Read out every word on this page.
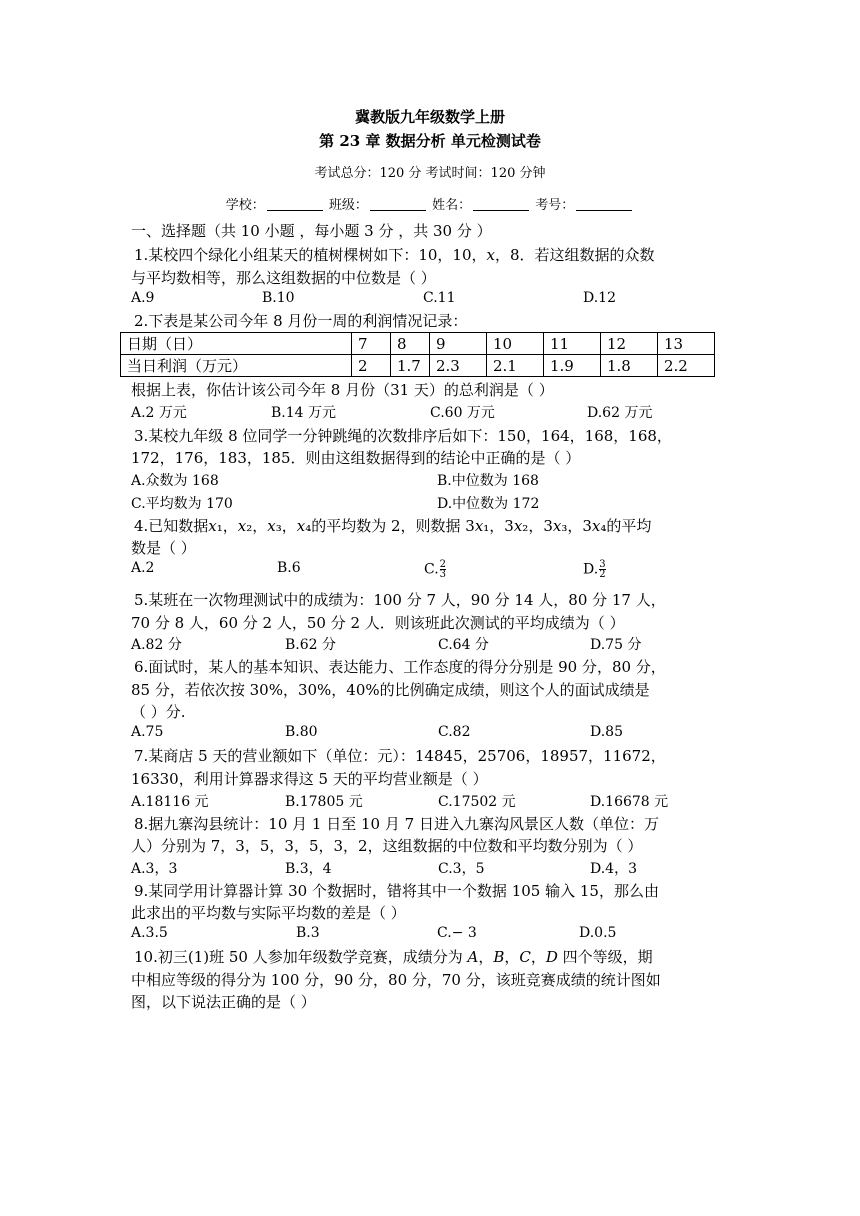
冀教版九年级数学上册
第 23 章 数据分析 单元检测试卷
考试总分：120 分 考试时间：120 分钟
学校：	班级：	姓名：	考号：
一、选择题（共 10 小题 ，每小题 3 分 ，共 30 分 ）
1.某校四个绿化小组某天的植树棵树如下：10，10，𝑥，8．若这组数据的众数
与平均数相等，那么这组数据的中位数是（ ）
A.9	B.10	C.11	D.12
2.下表是某公司今年 8 月份一周的利润情况记录：
日期（日）	7	8	9	10	11	12	13
当日利润（万元）	2	1.7	2.3	2.1	1.9	1.8	2.2
根据上表，你估计该公司今年 8 月份（31 天）的总利润是（ ）
A.2 万元	B.14 万元	C.60 万元	D.62 万元
3.某校九年级 8 位同学一分钟跳绳的次数排序后如下：150，164，168，168，
172，176，183，185．则由这组数据得到的结论中正确的是（ ）
A.众数为 168	B.中位数为 168
C.平均数为 170	D.中位数为 172
4.已知数据𝑥₁，𝑥₂，𝑥₃，𝑥₄的平均数为 2，则数据 3𝑥₁，3𝑥₂，3𝑥₃，3𝑥₄的平均
数是（ ）
A.2	B.6	C. $\frac{2}{3}$	D. $\frac{3}{2}$
5.某班在一次物理测试中的成绩为：100 分 7 人，90 分 14 人，80 分 17 人，
70 分 8 人，60 分 2 人，50 分 2 人．则该班此次测试的平均成绩为（ ）
A.82 分	B.62 分	C.64 分	D.75 分
6.面试时，某人的基本知识、表达能力、工作态度的得分分别是 90 分，80 分，
85 分，若依次按 30%，30%，40%的比例确定成绩，则这个人的面试成绩是
（ ）分.
A.75	B.80	C.82	D.85
7.某商店 5 天的营业额如下（单位：元）：14845，25706，18957，11672，
16330，利用计算器求得这 5 天的平均营业额是（ ）
A.18116 元	B.17805 元	C.17502 元	D.16678 元
8.据九寨沟县统计：10 月 1 日至 10 月 7 日进入九寨沟风景区人数（单位：万
人）分别为 7，3，5，3，5，3，2，这组数据的中位数和平均数分别为（ ）
A.3，3	B.3，4	C.3，5	D.4，3
9.某同学用计算器计算 30 个数据时，错将其中一个数据 105 输入 15，那么由
此求出的平均数与实际平均数的差是（ ）
A.3.5	B.3	C.− 3	D.0.5
10.初三(1)班 50 人参加年级数学竞赛，成绩分为 𝐴，𝐵，𝐶，𝐷 四个等级，期
中相应等级的得分为 100 分，90 分，80 分，70 分，该班竞赛成绩的统计图如
图，以下说法正确的是（ ）
